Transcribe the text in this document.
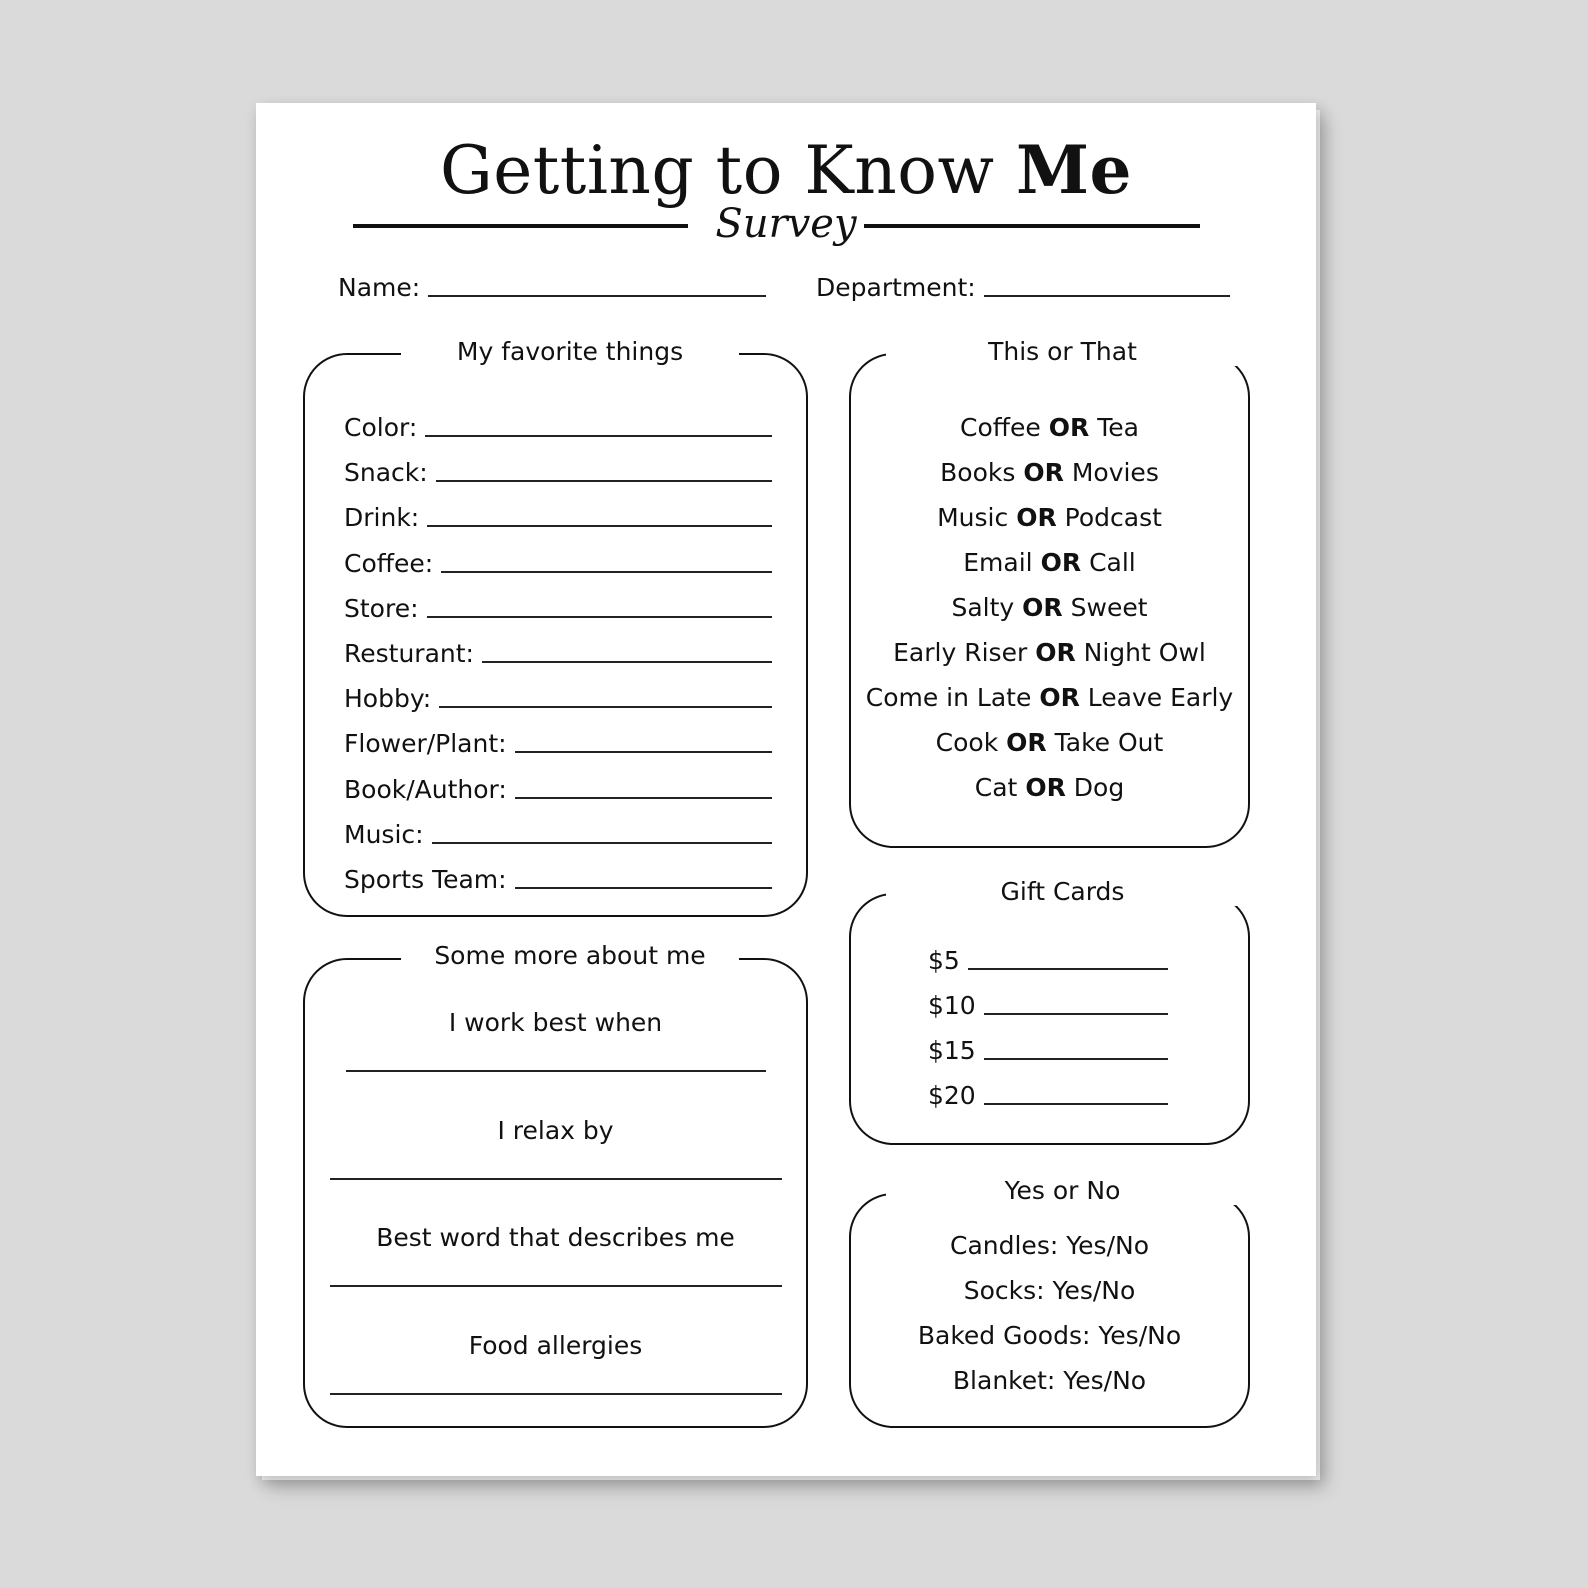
Getting to Know Me
Survey
Name:	Department:
My favorite things
Some more about me
This or That
Gift Cards
Yes or No
Color:
Snack:
Drink:
Coffee:
Store:
Resturant:
Hobby:
Flower/Plant:
Book/Author:
Music:
Sports Team:
I work best when
I relax by
Best word that describes me
Food allergies
Coffee OR Tea
Books OR Movies
Music OR Podcast
Email OR Call
Salty OR Sweet
Early Riser OR Night Owl
Come in Late OR Leave Early
Cook OR Take Out
Cat OR Dog
$5
$10
$15
$20
Candles: Yes/No
Socks: Yes/No
Baked Goods: Yes/No
Blanket: Yes/No
